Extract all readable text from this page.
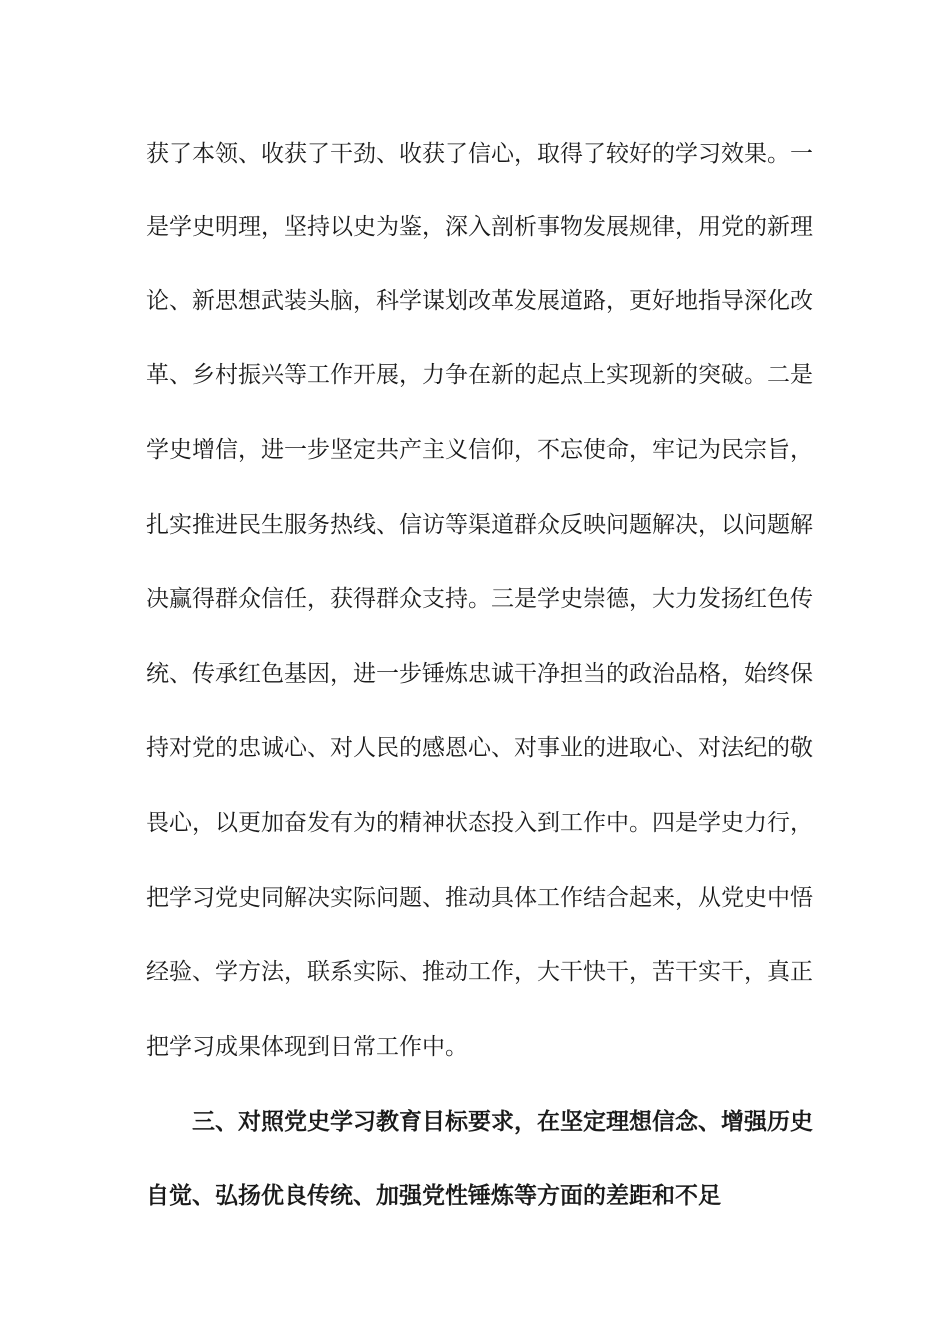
获了本领、收获了干劲、收获了信心，取得了较好的学习效果。一
是学史明理，坚持以史为鉴，深入剖析事物发展规律，用党的新理
论、新思想武装头脑，科学谋划改革发展道路，更好地指导深化改
革、乡村振兴等工作开展，力争在新的起点上实现新的突破。二是
学史增信，进一步坚定共产主义信仰，不忘使命，牢记为民宗旨，
扎实推进民生服务热线、信访等渠道群众反映问题解决，以问题解
决赢得群众信任，获得群众支持。三是学史崇德，大力发扬红色传
统、传承红色基因，进一步锤炼忠诚干净担当的政治品格，始终保
持对党的忠诚心、对人民的感恩心、对事业的进取心、对法纪的敬
畏心，以更加奋发有为的精神状态投入到工作中。四是学史力行，
把学习党史同解决实际问题、推动具体工作结合起来，从党史中悟
经验、学方法，联系实际、推动工作，大干快干，苦干实干，真正
把学习成果体现到日常工作中。
三、对照党史学习教育目标要求，在坚定理想信念、增强历史
自觉、弘扬优良传统、加强党性锤炼等方面的差距和不足
